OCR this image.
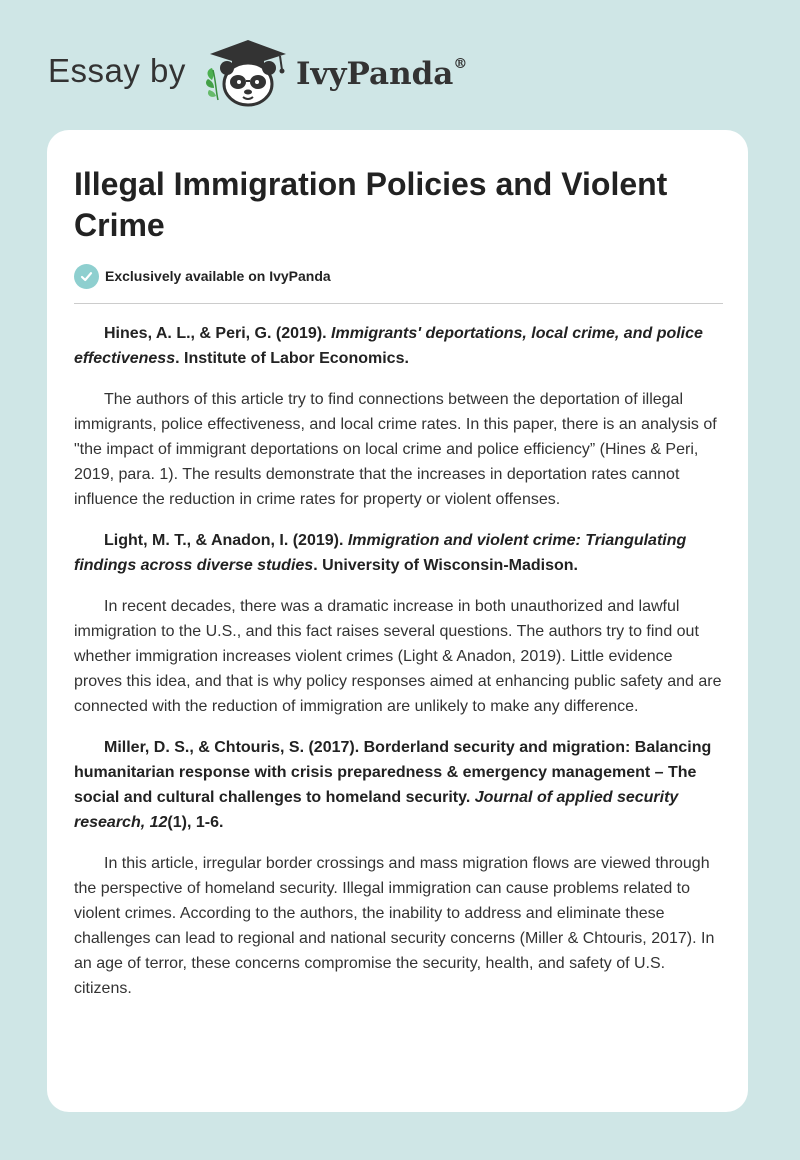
Essay by	IvyPanda®
Illegal Immigration Policies and Violent Crime
Exclusively available on IvyPanda

Hines, A. L., & Peri, G. (2019). Immigrants' deportations, local crime, and police effectiveness. Institute of Labor Economics.

The authors of this article try to find connections between the deportation of illegal immigrants, police effectiveness, and local crime rates. In this paper, there is an analysis of "the impact of immigrant deportations on local crime and police efficiency” (Hines & Peri, 2019, para. 1). The results demonstrate that the increases in deportation rates cannot influence the reduction in crime rates for property or violent offenses.

Light, M. T., & Anadon, I. (2019). Immigration and violent crime: Triangulating findings across diverse studies. University of Wisconsin-Madison.

In recent decades, there was a dramatic increase in both unauthorized and lawful immigration to the U.S., and this fact raises several questions. The authors try to find out whether immigration increases violent crimes (Light & Anadon, 2019). Little evidence proves this idea, and that is why policy responses aimed at enhancing public safety and are connected with the reduction of immigration are unlikely to make any difference.

Miller, D. S., & Chtouris, S. (2017). Borderland security and migration: Balancing humanitarian response with crisis preparedness & emergency management – The social and cultural challenges to homeland security. Journal of applied security research, 12(1), 1-6.

In this article, irregular border crossings and mass migration flows are viewed through the perspective of homeland security. Illegal immigration can cause problems related to violent crimes. According to the authors, the inability to address and eliminate these challenges can lead to regional and national security concerns (Miller & Chtouris, 2017). In an age of terror, these concerns compromise the security, health, and safety of U.S. citizens.
